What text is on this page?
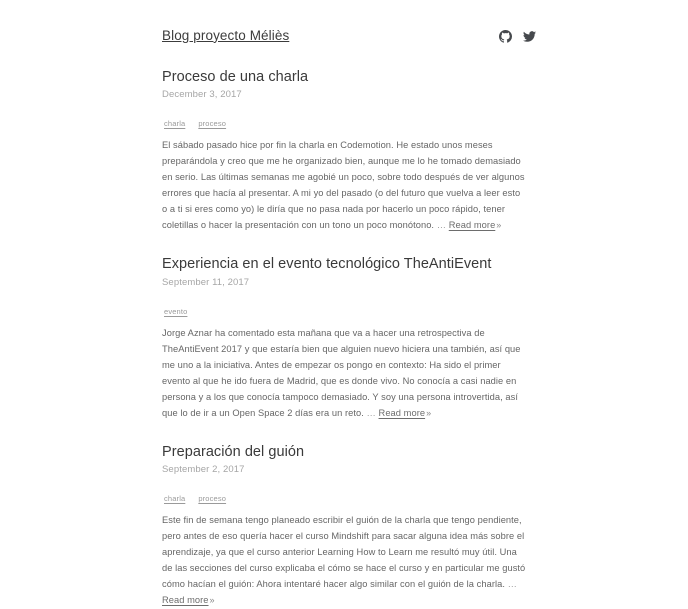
Blog proyecto Méliès
Proceso de una charla
December 3, 2017
charla proceso

El sábado pasado hice por fin la charla en Codemotion. He estado unos meses preparándola y creo que me he organizado bien, aunque me lo he tomado demasiado en serio. Las últimas semanas me agobié un poco, sobre todo después de ver algunos errores que hacía al presentar. A mi yo del pasado (o del futuro que vuelva a leer esto o a ti si eres como yo) le diría que no pasa nada por hacerlo un poco rápido, tener coletillas o hacer la presentación con un tono un poco monótono. … Read more»

Experiencia en el evento tecnológico TheAntiEvent
September 11, 2017
evento

Jorge Aznar ha comentado esta mañana que va a hacer una retrospectiva de TheAntiEvent 2017 y que estaría bien que alguien nuevo hiciera una también, así que me uno a la iniciativa. Antes de empezar os pongo en contexto: Ha sido el primer evento al que he ido fuera de Madrid, que es donde vivo. No conocía a casi nadie en persona y a los que conocía tampoco demasiado. Y soy una persona introvertida, así que lo de ir a un Open Space 2 días era un reto. … Read more»

Preparación del guión
September 2, 2017
charla proceso

Este fin de semana tengo planeado escribir el guión de la charla que tengo pendiente, pero antes de eso quería hacer el curso Mindshift para sacar alguna idea más sobre el aprendizaje, ya que el curso anterior Learning How to Learn me resultó muy útil. Una de las secciones del curso explicaba el cómo se hace el curso y en particular me gustó cómo hacían el guión: Ahora intentaré hacer algo similar con el guión de la charla. … Read more»
